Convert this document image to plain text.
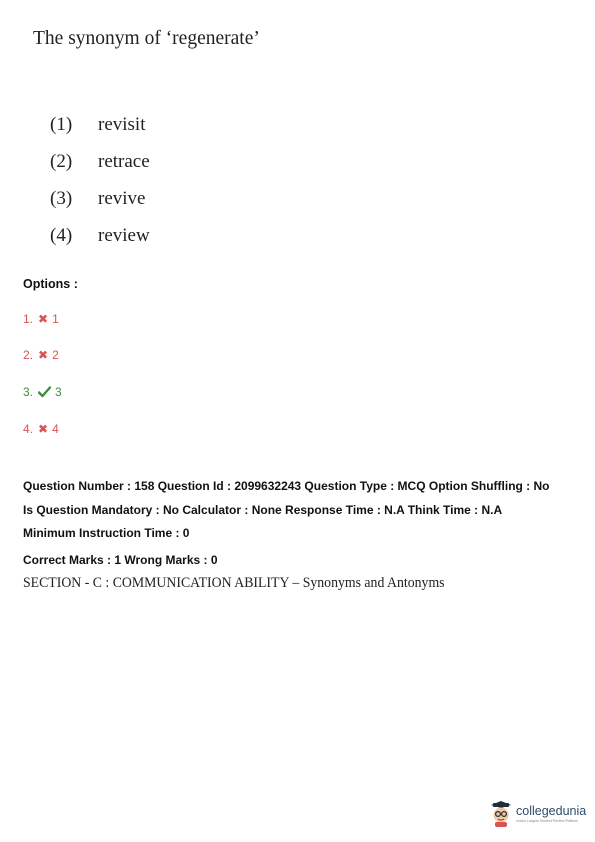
The synonym of ‘regenerate’
(1)	revisit
(2)	retrace
(3)	revive
(4)	review
Options :
1. ✖ 1
2. ✖ 2
3. 3
4. ✖ 4
Question Number : 158 Question Id : 2099632243 Question Type : MCQ Option Shuffling : No
Is Question Mandatory : No Calculator : None Response Time : N.A Think Time : N.A
Minimum Instruction Time : 0
Correct Marks : 1 Wrong Marks : 0
SECTION - C : COMMUNICATION ABILITY – Synonyms and Antonyms
collegedunia
India's Largest Student Review Platform
